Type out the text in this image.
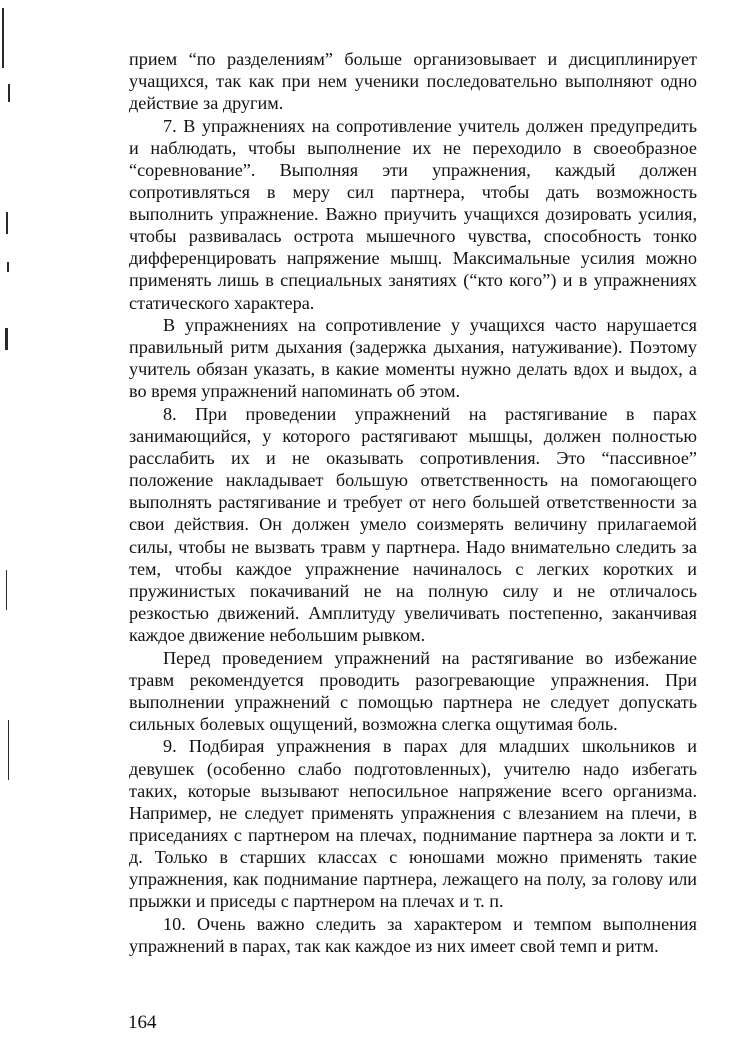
прием “по разделениям” больше организовывает и дисциплинирует учащихся, так как при нем ученики последовательно выполняют одно действие за другим.

7. В упражнениях на сопротивление учитель должен предупредить и наблюдать, чтобы выполнение их не переходило в своеобразное “соревнование”. Выполняя эти упражнения, каждый должен сопротивляться в меру сил партнера, чтобы дать возможность выполнить упражнение. Важно приучить учащихся дозировать усилия, чтобы развивалась острота мышечного чувства, способность тонко дифференцировать напряжение мышц. Максимальные усилия можно применять лишь в специальных занятиях (“кто кого”) и в упражнениях статического характера.

В упражнениях на сопротивление у учащихся часто нарушается правильный ритм дыхания (задержка дыхания, натуживание). Поэтому учитель обязан указать, в какие моменты нужно делать вдох и выдох, а во время упражнений напоминать об этом.

8. При проведении упражнений на растягивание в парах занимающийся, у которого растягивают мышцы, должен полностью расслабить их и не оказывать сопротивления. Это “пассивное” положение накладывает большую ответственность на помогающего выполнять растягивание и требует от него большей ответственности за свои действия. Он должен умело соизмерять величину прилагаемой силы, чтобы не вызвать травм у партнера. Надо внимательно следить за тем, чтобы каждое упражнение начиналось с легких коротких и пружинистых покачиваний не на полную силу и не отличалось резкостью движений. Амплитуду увеличивать постепенно, заканчивая каждое движение небольшим рывком.

Перед проведением упражнений на растягивание во избежание травм рекомендуется проводить разогревающие упражнения. При выполнении упражнений с помощью партнера не следует допускать сильных болевых ощущений, возможна слегка ощутимая боль.

9. Подбирая упражнения в парах для младших школьников и девушек (особенно слабо подготовленных), учителю надо избегать таких, которые вызывают непосильное напряжение всего организма. Например, не следует применять упражнения с влезанием на плечи, в приседаниях с партнером на плечах, поднимание партнера за локти и т. д. Только в старших классах с юношами можно применять такие упражнения, как поднимание партнера, лежащего на полу, за голову или прыжки и приседы с партнером на плечах и т. п.

10. Очень важно следить за характером и темпом выполнения упражнений в парах, так как каждое из них имеет свой темп и ритм.

164
